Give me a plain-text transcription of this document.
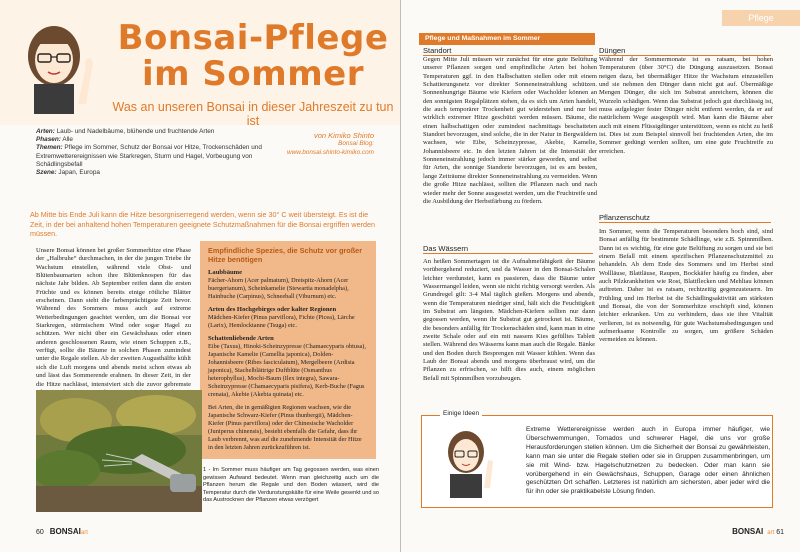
Bonsai-Pflege
im Sommer
Was an unseren Bonsai in dieser Jahreszeit zu tun ist
Arten: Laub- und Nadelbäume, blühende und fruchtende Arten
Phasen: Alle
Themen: Pflege im Sommer, Schutz der Bonsai vor Hitze, Trockenschäden und Extremwetterereignissen wie Starkregen, Sturm und Hagel, Vorbeugung von Schädlingsbefall
Szene: Japan, Europa
von Kimiko Shinto
Bonsai Blog:
www.bonsai.shinto-kimiko.com
Ab Mitte bis Ende Juli kann die Hitze besorgniserregend werden, wenn sie 30° C weit übersteigt. Es ist die Zeit, in der bei anhaltend hohen Temperaturen geeignete Schutzmaßnahmen für die Bonsai ergriffen werden müssen.

Unsere Bonsai können bei großer Sommerhitze eine Phase der „Halbruhe“ durchmachen, in der die jungen Triebe ihr Wachstum einstellen, während viele Obst- und Blütenbaumarten schon ihre Blütenknospen für das nächste Jahr bilden. Ab September reifen dann die ersten Früchte und es können bereits einige rötliche Blätter erscheinen. Dann steht die farbenprächtigste Zeit bevor. Während des Sommers muss auch auf extreme Wetterbedingungen geachtet werden, um die Bonsai vor Starkregen, stürmischem Wind oder sogar Hagel zu schützen. Wer nicht über ein Gewächshaus oder einen anderen geschlossenen Raum, wie einen Schuppen z.B., verfügt, sollte die Bäume in solchen Phasen zumindest unter die Regale stellen. Ab der zweiten Augusthälfte kühlt sich die Luft morgens und abends meist schon etwas ab und lässt das Sommerende erahnen. In dieser Zeit, in der die Hitze nachlässt, intensiviert sich die zuvor gebremste

Empfindliche Spezies, die Schutz vor großer Hitze benötigen
Laubbäume
Fächer-Ahorn (Acer palmatum), Dreispitz-Ahorn (Acer buergerianum), Scheinkamelie (Stewartia monadelpha), Hainbuche (Carpinus), Schneeball (Viburnum) etc.
Arten des Hochgebirges oder kalter Regionen
Mädchen-Kiefer (Pinus parviflora), Fichte (Picea), Lärche (Larix), Hemlocktanne (Tsuga) etc.
Schattenliebende Arten
Eibe (Taxus), Hinoki-Scheinzypresse (Chamaecyparis obtusa), Japanische Kamelie (Camellia japonica), Dolden-Johannisbeere (Ribes fasciculatum), Mergelbeere (Ardisia japonica), Stachelblättrige Duftblüte (Osmanthus heterophyllus), Mochi-Baum (Ilex integra), Sawara-Scheinzypresse (Chamaecyparis pisifera), Kerb-Buche (Fagus crenata), Akebie (Akebia quinata) etc.
Bei Arten, die in gemäßigten Regionen wachsen, wie die Japanische Schwarz-Kiefer (Pinus thunbergii), Mädchen-Kiefer (Pinus parviflora) oder der Chinesische Wacholder (Juniperus chinensis), besteht ebenfalls die Gefahr, dass ihr Laub verbrennt, was auf die zunehmende Intensität der Hitze in den letzten Jahren zurückzuführen ist.
1 - Im Sommer muss häufiger am Tag gegossen werden, was einen gewissen Aufwand bedeutet. Wenn man gleichzeitig auch um die Pflanzen herum die Regale und den Boden wässert, wird die Temperatur durch die Verdunstungskälte für eine Weile gesenkt und so das Austrocknen der Pflanzen etwas verzögert
60 BONSAIart
Pflege
Pflege und Maßnahmen im Sommer
Standort

Gegen Mitte Juli müssen wir zunächst für eine gute Belüftung unserer Pflanzen sorgen und empfindliche Arten bei hohen Temperaturen ggf. in den Halbschatten stellen oder mit einem Schattierungsnetz vor direkter Sonneneinstrahlung schützen. Sonnenhungrige Bäume wie Kiefern oder Wacholder können an den sonnigsten Regalplätzen stehen, da es sich um Arten handelt, die auch temporärer Trockenheit gut widerstehen und nur bei wirklich extremer Hitze geschützt werden müssen. Bäume, die einen halbschattigen oder zumindest nachmittags beschatteten Standort bevorzugen, sind solche, die in der Natur in Bergwäldern wachsen, wie Eibe, Scheinzypresse, Akebie, Kamelie, Johannisbeere etc. In den letzten Jahren ist die Intensität der Sonneneinstrahlung jedoch immer stärker geworden, und selbst für Arten, die sonnige Standorte bevorzugen, ist es am besten, lange Zeiträume direkter Sonneneinstrahlung zu vermeiden. Wenn die große Hitze nachlässt, sollten die Pflanzen nach und nach wieder mehr der Sonne ausgesetzt werden, um die Fruchtreife und die Ausbildung der Herbstfärbung zu fördern.

Das Wässern

An heißen Sommertagen ist die Aufnahmefähigkeit der Bäume vorübergehend reduziert, und da Wasser in den Bonsai-Schalen leichter verdunstet, kann es passieren, dass die Bäume unter Wassermangel leiden, wenn sie nicht richtig versorgt werden. Als Grundregel gilt: 3-4 Mal täglich gießen. Morgens und abends, wenn die Temperaturen niedriger sind, hält sich die Feuchtigkeit im Substrat am längsten. Mädchen-Kiefern sollten nur dann gegossen werden, wenn ihr Substrat gut getrocknet ist. Bäume, die besonders anfällig für Trockenschäden sind, kann man in eine zweite Schale oder auf ein mit nassem Kies gefülltes Tablett stellen. Während des Wässerns kann man auch die Regale. Bänke und den Boden durch Besprengen mit Wasser kühlen. Wenn das Laub der Bonsai abends und morgens überbraust wird, um die Pflanzen zu erfrischen, so hilft dies auch, einem möglichen Befall mit Spinnmilben vorzubeugen.

Düngen

Während der Sommermonate ist es ratsam, bei hohen Temperaturen (über 30°C) die Düngung auszusetzen. Bonsai neigen dazu, bei übermäßiger Hitze ihr Wachstum einzustellen und sie nehmen den Dünger dann nicht gut auf. Übermäßige Mengen Dünger, die sich im Substrat anreichern, können die Wurzeln schädigen. Wenn das Substrat jedoch gut durchlässig ist, muss aufgelegter fester Dünger nicht entfernt werden, da er auf natürlichem Wege ausgespült wird. Man kann die Bäume aber auch mit einem Flüssigdünger unterstützen, wenn es nicht zu heiß ist. Dies ist zum Beispiel sinnvoll bei fruchtenden Arten, die im Sommer gedüngt werden sollten, um eine gute Fruchtreife zu erreichen.

Pflanzenschutz

Im Sommer, wenn die Temperaturen besonders hoch sind, sind Bonsai anfällig für bestimmte Schädlinge, wie z.B. Spinnmilben. Dann ist es wichtig, für eine gute Belüftung zu sorgen und sie bei einem Befall mit einem spezifischen Pflanzenschutzmittel zu behandeln. Ab dem Ende des Sommers und im Herbst sind Wollläuse, Blattläuse, Raupen, Bockkäfer häufig zu finden, aber auch Pilzkrankheiten wie Rost, Blattflecken und Mehltau können auftreten. Daher ist es ratsam, rechtzeitig gegenzusteuern. Im Frühling und im Herbst ist die Schädlingsaktivität am stärksten und Bonsai, die von der Sommerhitze erschöpft sind, können leichter erkranken. Um zu verhindern, dass sie ihre Vitalität verlieren, ist es notwendig, für gute Wachstumsbedingungen und aufmerksame Kontrolle zu sorgen, um größere Schäden vermeiden zu können.

Einige Ideen
Extreme Wetterereignisse werden auch in Europa immer häufiger, wie Überschwemmungen, Tornados und schwerer Hagel, die uns vor große Herausforderungen stellen können. Um die Sicherheit der Bonsai zu gewährleisten, kann man sie unter die Regale stellen oder sie in Gruppen zusammenbringen, um sie mit Wind- bzw. Hagelschutznetzen zu bedecken. Oder man kann sie vorübergehend in ein Gewächshaus, Schuppen, Garage oder einen ähnlichen geschützten Ort schaffen. Letzteres ist natürlich am sichersten, aber jeder wird die für ihn oder sie praktikabelste Lösung finden.
BONSAI art 61
